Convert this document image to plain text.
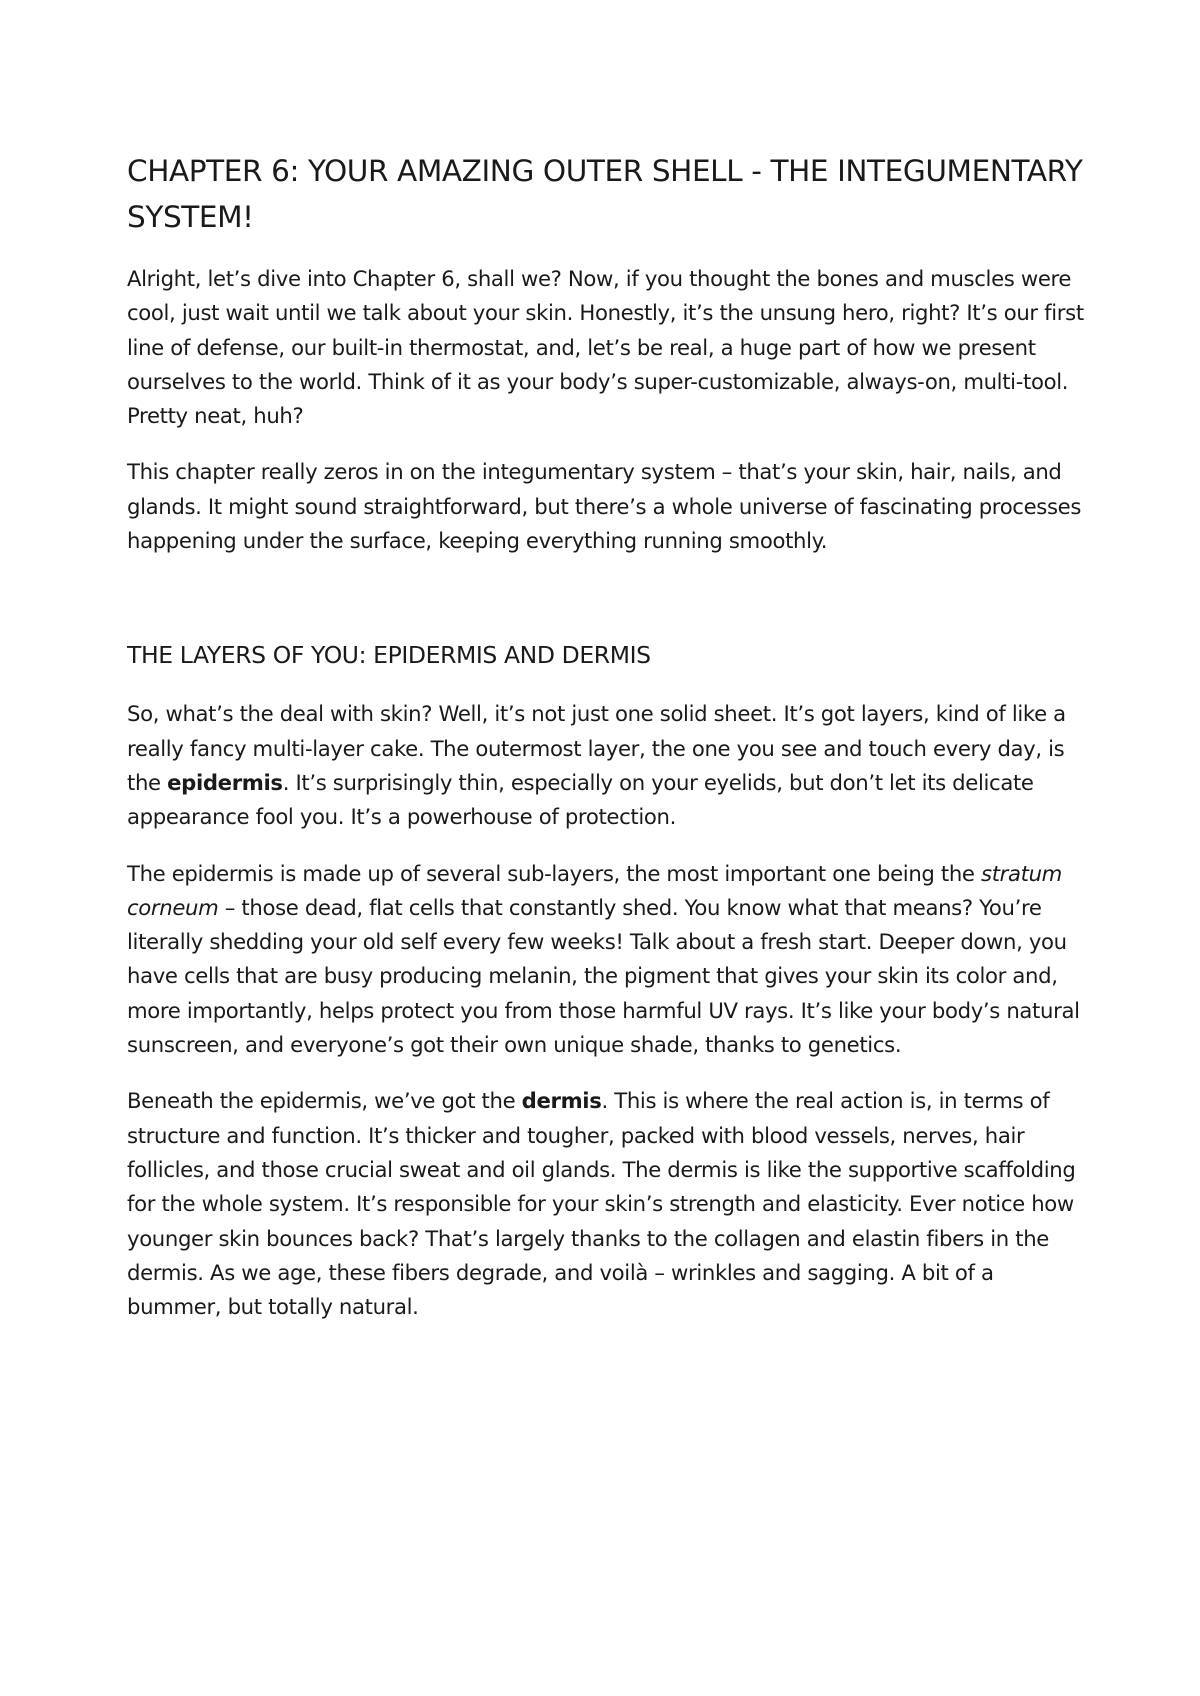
CHAPTER 6: YOUR AMAZING OUTER SHELL - THE INTEGUMENTARY SYSTEM!

Alright, let’s dive into Chapter 6, shall we? Now, if you thought the bones and muscles were cool, just wait until we talk about your skin. Honestly, it’s the unsung hero, right? It’s our first line of defense, our built-in thermostat, and, let’s be real, a huge part of how we present ourselves to the world. Think of it as your body’s super-customizable, always-on, multi-tool. Pretty neat, huh?

This chapter really zeros in on the integumentary system – that’s your skin, hair, nails, and glands. It might sound straightforward, but there’s a whole universe of fascinating processes happening under the surface, keeping everything running smoothly.

THE LAYERS OF YOU: EPIDERMIS AND DERMIS

So, what’s the deal with skin? Well, it’s not just one solid sheet. It’s got layers, kind of like a really fancy multi-layer cake. The outermost layer, the one you see and touch every day, is the epidermis. It’s surprisingly thin, especially on your eyelids, but don’t let its delicate appearance fool you. It’s a powerhouse of protection.

The epidermis is made up of several sub-layers, the most important one being the stratum corneum – those dead, flat cells that constantly shed. You know what that means? You’re literally shedding your old self every few weeks! Talk about a fresh start. Deeper down, you have cells that are busy producing melanin, the pigment that gives your skin its color and, more importantly, helps protect you from those harmful UV rays. It’s like your body’s natural sunscreen, and everyone’s got their own unique shade, thanks to genetics.

Beneath the epidermis, we’ve got the dermis. This is where the real action is, in terms of structure and function. It’s thicker and tougher, packed with blood vessels, nerves, hair follicles, and those crucial sweat and oil glands. The dermis is like the supportive scaffolding for the whole system. It’s responsible for your skin’s strength and elasticity. Ever notice how younger skin bounces back? That’s largely thanks to the collagen and elastin fibers in the dermis. As we age, these fibers degrade, and voilà – wrinkles and sagging. A bit of a bummer, but totally natural.
